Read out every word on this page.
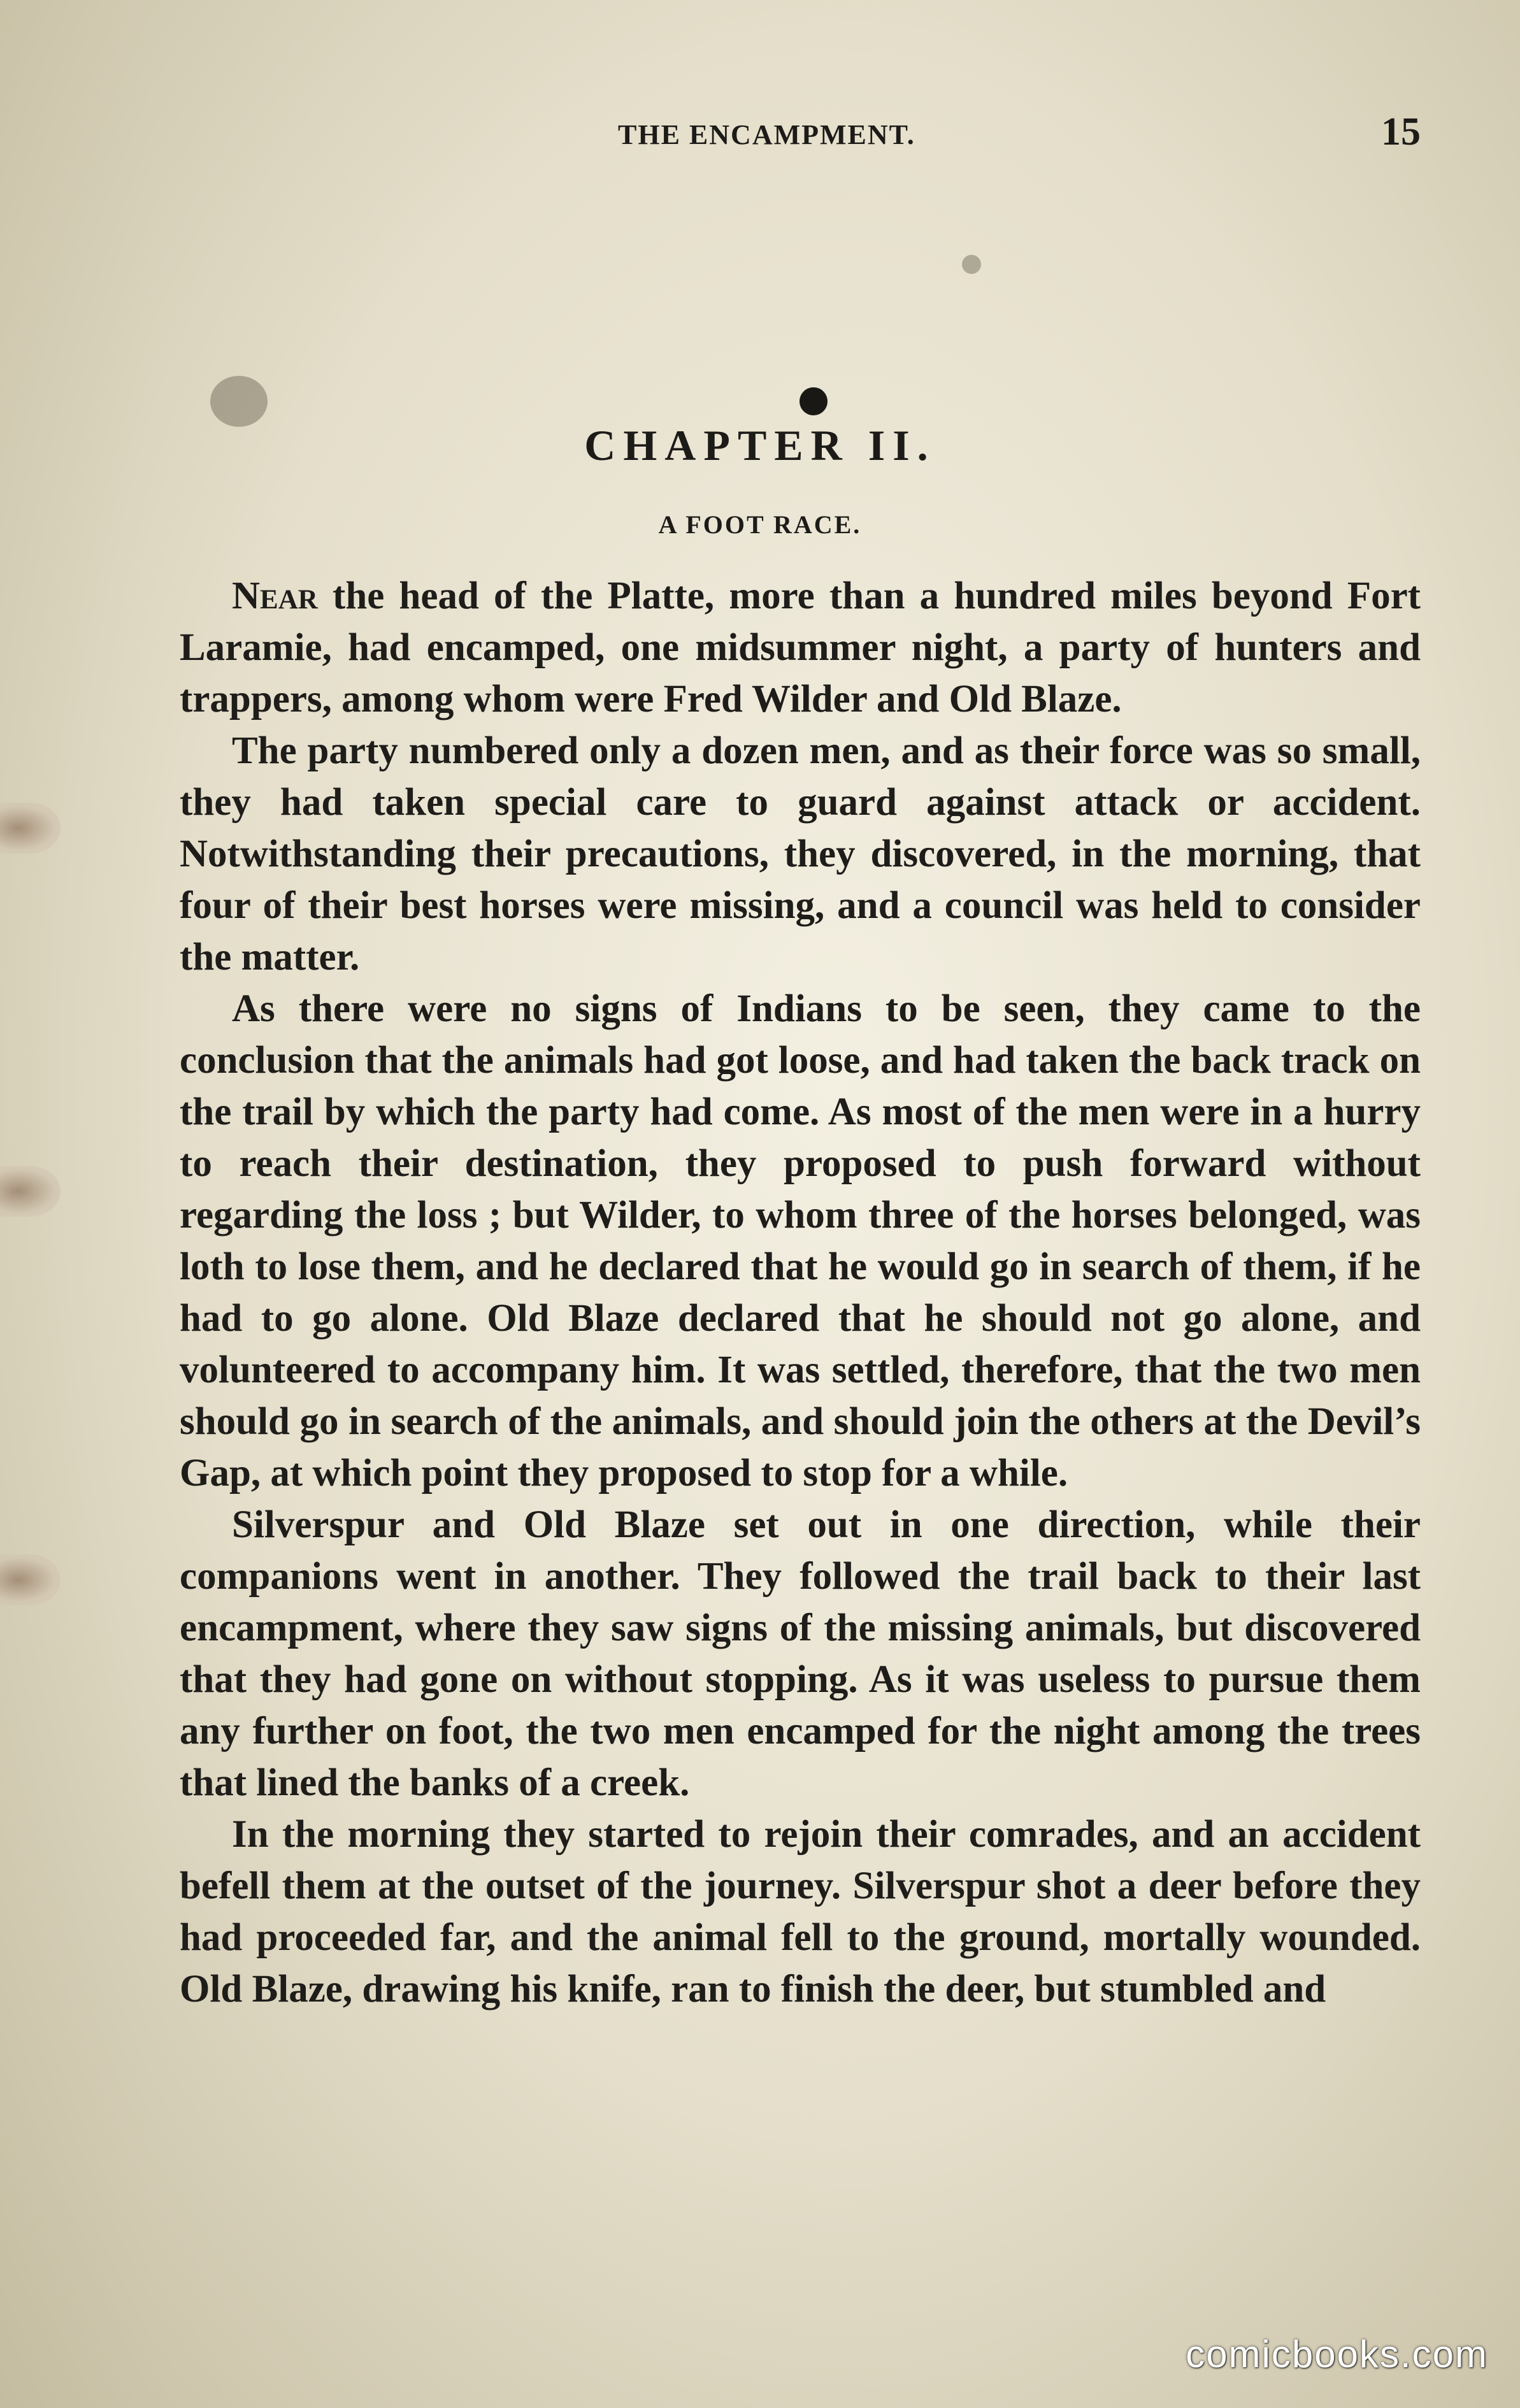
THE ENCAMPMENT.	15
CHAPTER II.
A FOOT RACE.

Near the head of the Platte, more than a hundred miles beyond Fort Laramie, had encamped, one midsummer night, a party of hunters and trappers, among whom were Fred Wilder and Old Blaze.

The party numbered only a dozen men, and as their force was so small, they had taken special care to guard against attack or accident. Notwithstanding their precautions, they discovered, in the morning, that four of their best horses were missing, and a council was held to consider the matter.

As there were no signs of Indians to be seen, they came to the conclusion that the animals had got loose, and had taken the back track on the trail by which the party had come. As most of the men were in a hurry to reach their destination, they proposed to push forward without regarding the loss ; but Wilder, to whom three of the horses belonged, was loth to lose them, and he declared that he would go in search of them, if he had to go alone. Old Blaze declared that he should not go alone, and volunteered to accompany him. It was settled, therefore, that the two men should go in search of the animals, and should join the others at the Devil’s Gap, at which point they proposed to stop for a while.

Silverspur and Old Blaze set out in one direction, while their companions went in another. They followed the trail back to their last encampment, where they saw signs of the missing animals, but discovered that they had gone on without stopping. As it was useless to pursue them any further on foot, the two men encamped for the night among the trees that lined the banks of a creek.

In the morning they started to rejoin their comrades, and an accident befell them at the outset of the journey. Silverspur shot a deer before they had proceeded far, and the animal fell to the ground, mortally wounded. Old Blaze, drawing his knife, ran to finish the deer, but stumbled and

comicbooks.com
